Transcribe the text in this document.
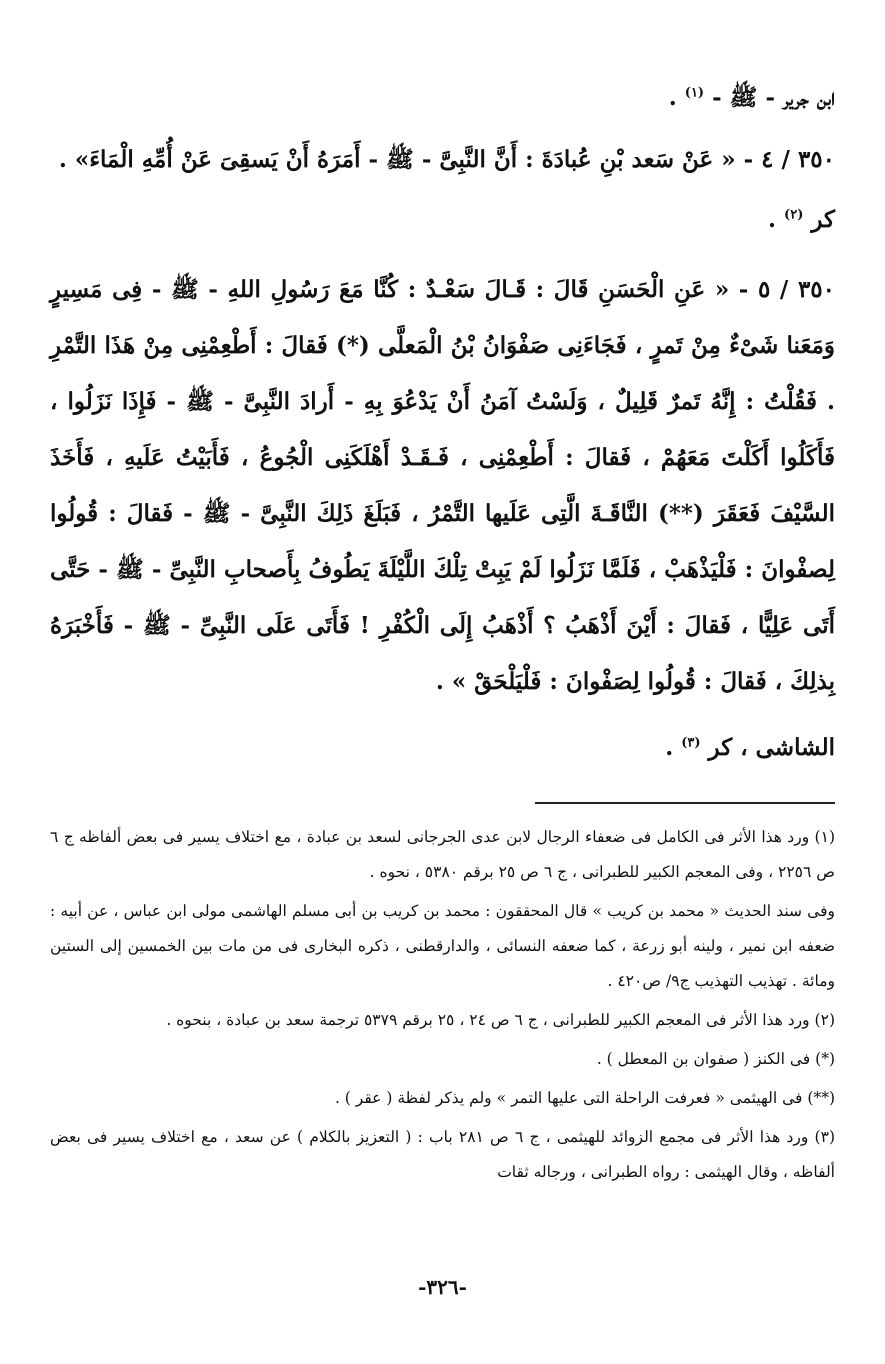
ابن جرير - ﷺ - $^{(١)}$ .

٣٥٠ / ٤ - « عَنْ سَعد بْنِ عُبادَةَ : أَنَّ النَّبِىَّ - ﷺ - أَمَرَهُ أَنْ يَسقِىَ عَنْ أُمِّهِ الْمَاءَ» .

كر $^{(٢)}$ .

٣٥٠ / ٥ - « عَنِ الْحَسَنِ قَالَ : قَـالَ سَعْـدٌ : كُنَّا مَعَ رَسُولِ اللهِ - ﷺ - فِى مَسِيرٍ وَمَعَنا شَىْءٌ مِنْ تَمرٍ ، فَجَاءَنِى صَفْوَانُ بْنُ الْمَعلَّى (*) فَقالَ : أَطْعِمْنِى مِنْ هَذَا التَّمْرِ . فَقُلْتُ : إِنَّهُ تَمرٌ قَلِيلٌ ، وَلَسْتُ آمَنُ أَنْ يَدْعُوَ بِهِ - أَرادَ النَّبِىَّ - ﷺ - فَإِذَا نَزَلُوا ، فَأَكَلُوا أَكَلْتَ مَعَهُمْ ، فَقالَ : أَطْعِمْنِى ، فَـقَـدْ أَهْلَكَنِى الْجُوعُ ، فَأَبَيْتُ عَلَيهِ ، فَأَخَذَ السَّيْفَ فَعَقَرَ (**) النَّاقَـةَ الَّتِى عَلَيها التَّمْرُ ، فَبَلَغَ ذَلِكَ النَّبِىَّ - ﷺ - فَقالَ : قُولُوا لِصفْوانَ : فَلْيَذْهَبْ ، فَلَمَّا نَزَلُوا لَمْ يَبِتْ تِلْكَ اللَّيْلَةَ يَطُوفُ بِأَصحابِ النَّبِىِّ - ﷺ - حَتَّى أَتَى عَلِيًّا ، فَقالَ : أَيْنَ أَذْهَبُ ؟ أَذْهَبُ إِلَى الْكُفْرِ ! فَأَتَى عَلَى النَّبِىِّ - ﷺ - فَأَخْبَرَهُ بِذلِكَ ، فَقالَ : قُولُوا لِصَفْوانَ : فَلْيَلْحَقْ » .

الشاشى ، كر $^{(٣)}$ .

(١) ورد هذا الأثر فى الكامل فى ضعفاء الرجال لابن عدى الجرجانى لسعد بن عبادة ، مع اختلاف يسير فى بعض ألفاظه ج ٦ ص ٢٢٥٦ ، وفى المعجم الكبير للطبرانى ، ج ٦ ص ٢٥ برقم ٥٣٨٠ ، نحوه .

وفى سند الحديث « محمد بن كريب » قال المحققون : محمد بن كريب بن أبى مسلم الهاشمى مولى ابن عباس ، عن أبيه : ضعفه ابن نمير ، ولينه أبو زرعة ، كما ضعفه النسائى ، والدارقطنى ، ذكره البخارى فى من مات بين الخمسين إلى الستين ومائة . تهذيب التهذيب ج٩/ ص٤٢٠ .

(٢) ورد هذا الأثر فى المعجم الكبير للطبرانى ، ج ٦ ص ٢٤ ، ٢٥ برقم ٥٣٧٩ ترجمة سعد بن عبادة ، بنحوه .

(*) فى الكنز ( صفوان بن المعطل ) .

(**) فى الهيثمى « فعرفت الراحلة التى عليها التمر » ولم يذكر لفظة ( عقر ) .

(٣) ورد هذا الأثر فى مجمع الزوائد للهيثمى ، ج ٦ ص ٢٨١ باب : ( التعزيز بالكلام ) عن سعد ، مع اختلاف يسير فى بعض ألفاظه ، وقال الهيثمى : رواه الطبرانى ، ورجاله ثقات

-٣٢٦-
